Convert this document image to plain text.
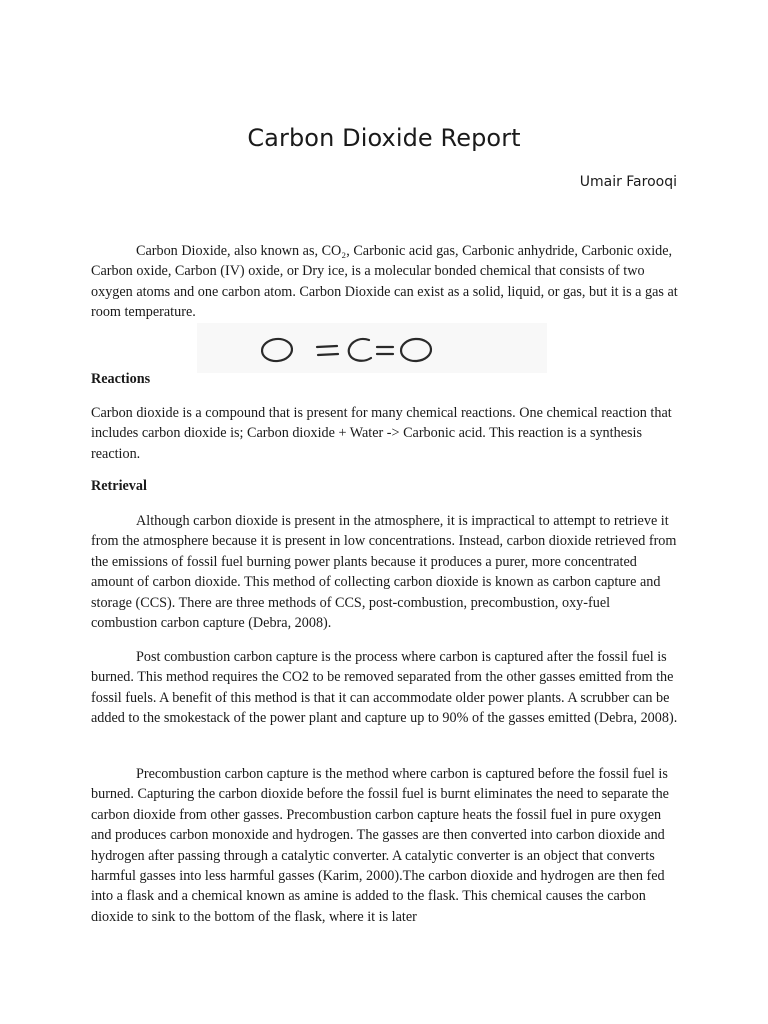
Carbon Dioxide Report
Umair Farooqi

Carbon Dioxide, also known as, CO₂, Carbonic acid gas, Carbonic anhydride, Carbonic oxide, Carbon oxide, Carbon (IV) oxide, or Dry ice, is a molecular bonded chemical that consists of two oxygen atoms and one carbon atom. Carbon Dioxide can exist as a solid, liquid, or gas, but it is a gas at room temperature.

Reactions

Carbon dioxide is a compound that is present for many chemical reactions. One chemical reaction that includes carbon dioxide is; Carbon dioxide + Water -> Carbonic acid. This reaction is a synthesis reaction.

Retrieval

Although carbon dioxide is present in the atmosphere, it is impractical to attempt to retrieve it from the atmosphere because it is present in low concentrations. Instead, carbon dioxide retrieved from the emissions of fossil fuel burning power plants because it produces a purer, more concentrated amount of carbon dioxide. This method of collecting carbon dioxide is known as carbon capture and storage (CCS). There are three methods of CCS, post-combustion, precombustion, oxy-fuel combustion carbon capture (Debra, 2008).

Post combustion carbon capture is the process where carbon is captured after the fossil fuel is burned. This method requires the CO2 to be removed separated from the other gasses emitted from the fossil fuels. A benefit of this method is that it can accommodate older power plants. A scrubber can be added to the smokestack of the power plant and capture up to 90% of the gasses emitted (Debra, 2008).

Precombustion carbon capture is the method where carbon is captured before the fossil fuel is burned. Capturing the carbon dioxide before the fossil fuel is burnt eliminates the need to separate the carbon dioxide from other gasses. Precombustion carbon capture heats the fossil fuel in pure oxygen and produces carbon monoxide and hydrogen. The gasses are then converted into carbon dioxide and hydrogen after passing through a catalytic converter. A catalytic converter is an object that converts harmful gasses into less harmful gasses (Karim, 2000).The carbon dioxide and hydrogen are then fed into a flask and a chemical known as amine is added to the flask. This chemical causes the carbon dioxide to sink to the bottom of the flask, where it is later
